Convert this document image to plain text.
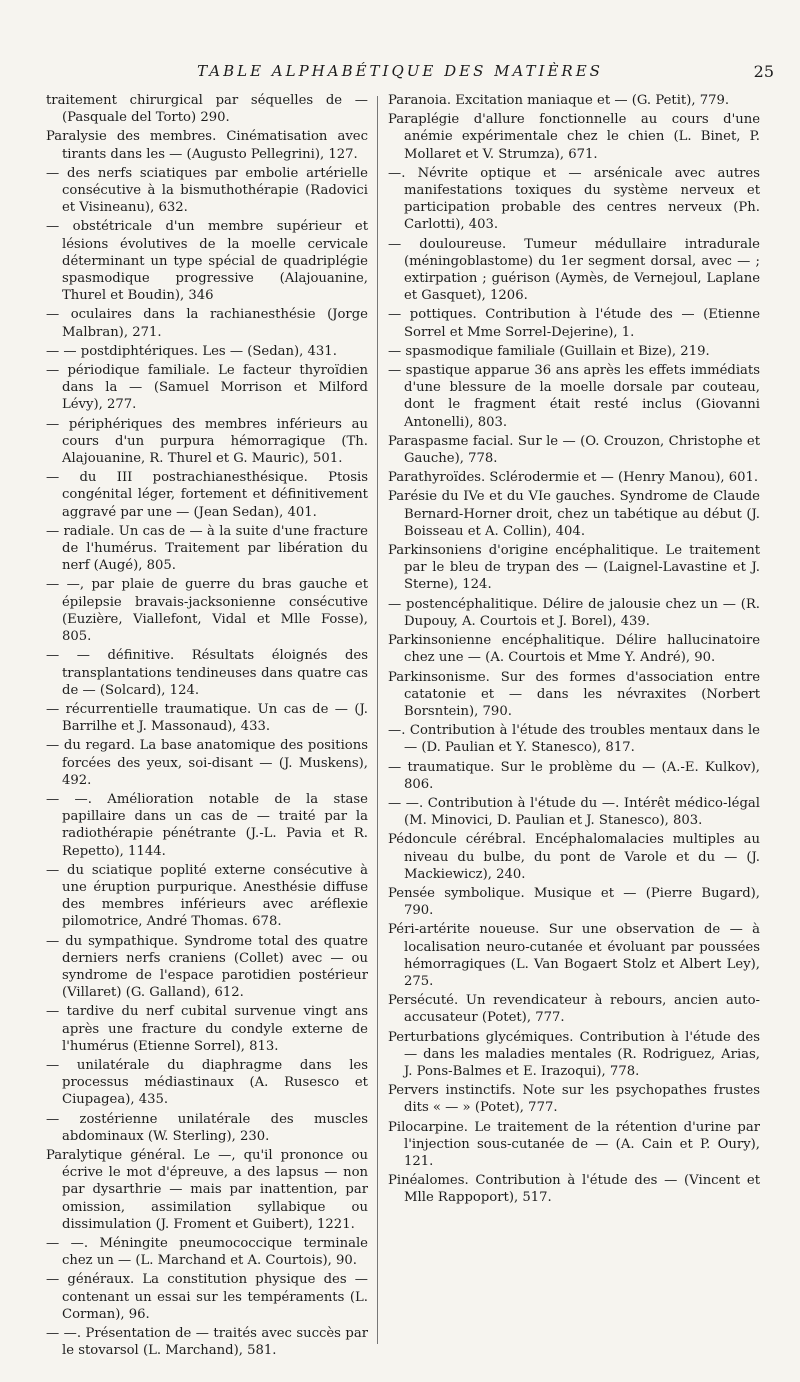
TABLE ALPHABÉTIQUE DES MATIÈRES	25

traitement chirurgical par séquelles de — (Pasquale del Torto) 290.

Paralysie des membres. Cinématisation avec tirants dans les — (Augusto Pellegrini), 127.

— des nerfs sciatiques par embolie artérielle consécutive à la bismuthothérapie (Radovici et Visineanu), 632.

— obstétricale d'un membre supérieur et lésions évolutives de la moelle cervicale déterminant un type spécial de quadriplégie spasmodique progressive (Alajouanine, Thurel et Boudin), 346

— oculaires dans la rachianesthésie (Jorge Malbran), 271.

— — postdiphtériques. Les — (Sedan), 431.

— périodique familiale. Le facteur thyroïdien dans la — (Samuel Morrison et Milford Lévy), 277.

— périphériques des membres inférieurs au cours d'un purpura hémorragique (Th. Alajouanine, R. Thurel et G. Mauric), 501.

— du III postrachianesthésique. Ptosis congénital léger, fortement et définitivement aggravé par une — (Jean Sedan), 401.

— radiale. Un cas de — à la suite d'une fracture de l'humérus. Traitement par libération du nerf (Augé), 805.

— —, par plaie de guerre du bras gauche et épilepsie bravais-jacksonienne consécutive (Euzière, Viallefont, Vidal et Mlle Fosse), 805.

— — définitive. Résultats éloignés des transplantations tendineuses dans quatre cas de — (Solcard), 124.

— récurrentielle traumatique. Un cas de — (J. Barrilhe et J. Massonaud), 433.

— du regard. La base anatomique des positions forcées des yeux, soi-disant — (J. Muskens), 492.

— —. Amélioration notable de la stase papillaire dans un cas de — traité par la radiothérapie pénétrante (J.-L. Pavia et R. Repetto), 1144.

— du sciatique poplité externe consécutive à une éruption purpurique. Anesthésie diffuse des membres inférieurs avec aréflexie pilomotrice, André Thomas. 678.

— du sympathique. Syndrome total des quatre derniers nerfs craniens (Collet) avec — ou syndrome de l'espace parotidien postérieur (Villaret) (G. Galland), 612.

— tardive du nerf cubital survenue vingt ans après une fracture du condyle externe de l'humérus (Etienne Sorrel), 813.

— unilatérale du diaphragme dans les processus médiastinaux (A. Rusesco et Ciupagea), 435.

— zostérienne unilatérale des muscles abdominaux (W. Sterling), 230.

Paralytique général. Le —, qu'il prononce ou écrive le mot d'épreuve, a des lapsus — non par dysarthrie — mais par inattention, par omission, assimilation syllabique ou dissimulation (J. Froment et Guibert), 1221.

— —. Méningite pneumococcique terminale chez un — (L. Marchand et A. Courtois), 90.

— généraux. La constitution physique des — contenant un essai sur les tempéraments (L. Corman), 96.

— —. Présentation de — traités avec succès par le stovarsol (L. Marchand), 581.

Paranoia. Excitation maniaque et — (G. Petit), 779.

Paraplégie d'allure fonctionnelle au cours d'une anémie expérimentale chez le chien (L. Binet, P. Mollaret et V. Strumza), 671.

—. Névrite optique et — arsénicale avec autres manifestations toxiques du système nerveux et participation probable des centres nerveux (Ph. Carlotti), 403.

— douloureuse. Tumeur médullaire intradurale (méningoblastome) du 1er segment dorsal, avec — ; extirpation ; guérison (Aymès, de Vernejoul, Laplane et Gasquet), 1206.

— pottiques. Contribution à l'étude des — (Etienne Sorrel et Mme Sorrel-Dejerine), 1.

— spasmodique familiale (Guillain et Bize), 219.

— spastique apparue 36 ans après les effets immédiats d'une blessure de la moelle dorsale par couteau, dont le fragment était resté inclus (Giovanni Antonelli), 803.

Paraspasme facial. Sur le — (O. Crouzon, Christophe et Gauche), 778.

Parathyroïdes. Sclérodermie et — (Henry Manou), 601.

Parésie du IVe et du VIe gauches. Syndrome de Claude Bernard-Horner droit, chez un tabétique au début (J. Boisseau et A. Collin), 404.

Parkinsoniens d'origine encéphalitique. Le traitement par le bleu de trypan des — (Laignel-Lavastine et J. Sterne), 124.

— postencéphalitique. Délire de jalousie chez un — (R. Dupouy, A. Courtois et J. Borel), 439.

Parkinsonienne encéphalitique. Délire hallucinatoire chez une — (A. Courtois et Mme Y. André), 90.

Parkinsonisme. Sur des formes d'association entre catatonie et — dans les névraxites (Norbert Borsntein), 790.

—. Contribution à l'étude des troubles mentaux dans le — (D. Paulian et Y. Stanesco), 817.

— traumatique. Sur le problème du — (A.-E. Kulkov), 806.

— —. Contribution à l'étude du —. Intérêt médico-légal (M. Minovici, D. Paulian et J. Stanesco), 803.

Pédoncule cérébral. Encéphalomalacies multiples au niveau du bulbe, du pont de Varole et du — (J. Mackiewicz), 240.

Pensée symbolique. Musique et — (Pierre Bugard), 790.

Péri-artérite noueuse. Sur une observation de — à localisation neuro-cutanée et évoluant par poussées hémorragiques (L. Van Bogaert Stolz et Albert Ley), 275.

Persécuté. Un revendicateur à rebours, ancien auto-accusateur (Potet), 777.

Perturbations glycémiques. Contribution à l'étude des — dans les maladies mentales (R. Rodriguez, Arias, J. Pons-Balmes et E. Irazoqui), 778.

Pervers instinctifs. Note sur les psychopathes frustes dits « — » (Potet), 777.

Pilocarpine. Le traitement de la rétention d'urine par l'injection sous-cutanée de — (A. Cain et P. Oury), 121.

Pinéalomes. Contribution à l'étude des — (Vincent et Mlle Rappoport), 517.
